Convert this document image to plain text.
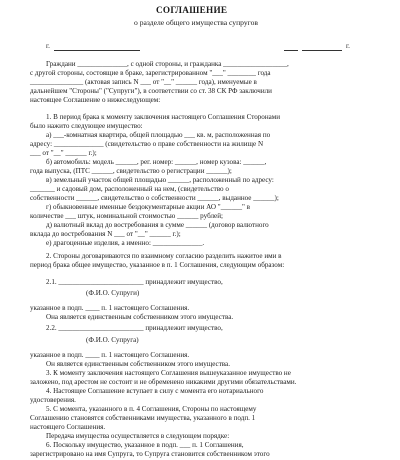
СОГЛАШЕНИЕ
о разделе общего имущества супругов
г.	г.
Граждани ______________, с одной стороны, и гражданка __________________,
с другой стороны, состоящие в браке, зарегистрированном "___" ________ года
_______________ (актовая запись N ___ от "__" ______ года), именуемые в
дальнейшем "Стороны" ("Супруги"), в соответствии со ст. 38 СК РФ заключили
настоящее Соглашение о нижеследующем:
1. В период брака к моменту заключения настоящего Соглашения Сторонами
было нажито следующее имущество:
а) ___-комнатная квартира, общей площадью ___ кв. м, расположенная по
адресу: ______________ (свидетельство о праве собственности на жилище N
___ от "__" ______ г.);
б) автомобиль: модель ______, рег. номер: ______, номер кузова: ______,
года выпуска, (ПТС ______, свидетельство о регистрации ______);
в) земельный участок общей площадью ______, расположенный по адресу:
_______ и садовый дом, расположенный на нем, (свидетельство о
собственности ______, свидетельство о собственности ______, выданное ______);
г) обыкновенные именные бездокументарные акции АО "______" в
количестве ___ штук, номинальной стоимостью ______ рублей;
д) валютный вклад до востребования в сумме ______ (договор валютного
вклада до востребования N ___ от "__" ______ г.);
е) драгоценные изделия, а именно: ______________.
2. Стороны договариваются по взаимному согласию разделить нажитое ими в
период брака общее имущество, указанное в п. 1 Соглашения, следующим образом:
2.1. ________________________ принадлежит имущество,
(Ф.И.О. Супруги)
указанное в подп. ____ п. 1 настоящего Соглашения.
Она является единственным собственником этого имущества.
2.2. ________________________ принадлежит имущество,
(Ф.И.О. Супруга)
указанное в подп. ____ п. 1 настоящего Соглашения.
Он является единственным собственником этого имущества.
3. К моменту заключения настоящего Соглашения вышеуказанное имущество не
заложено, под арестом не состоит и не обременено никакими другими обязательствами.
4. Настоящее Соглашение вступает в силу с момента его нотариального
удостоверения.
5. С момента, указанного в п. 4 Соглашения, Стороны по настоящему
Соглашению становятся собственниками имущества, указанного в подп. 1
настоящего Соглашения.
Передача имущества осуществляется в следующем порядке:
6. Поскольку имущество, указанное в подп. ___ п. 1 Соглашения,
зарегистрировано на имя Супруга, то Супруга становится собственником этого
